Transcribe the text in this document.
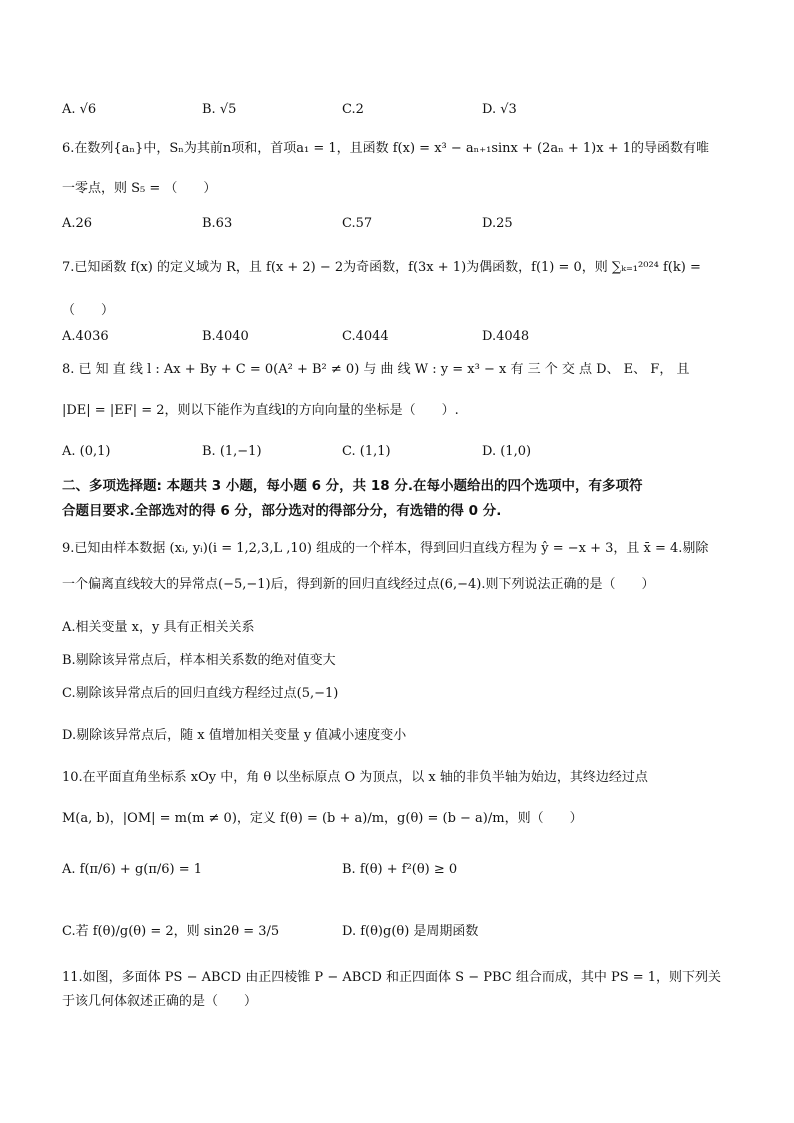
A. √6	B. √5	C.2	D. √3
6.在数列{aₙ}中，Sₙ为其前n项和，首项a₁ = 1，且函数 f(x) = x³ − aₙ₊₁sinx + (2aₙ + 1)x + 1的导函数有唯
一零点，则 S₅ = （　　）
A.26	B.63	C.57	D.25
7.已知函数 f(x) 的定义域为 R，且 f(x + 2) − 2为奇函数，f(3x + 1)为偶函数，f(1) = 0，则 ∑ₖ₌₁²⁰²⁴ f(k) =
（　　）
A.4036	B.4040	C.4044	D.4048
8. 已 知 直 线 l : Ax + By + C = 0(A² + B² ≠ 0) 与 曲 线 W : y = x³ − x 有 三 个 交 点 D、 E、 F， 且
|DE| = |EF| = 2，则以下能作为直线l的方向向量的坐标是（　　）.
A. (0,1)	B. (1,−1)	C. (1,1)	D. (1,0)
二、多项选择题: 本题共 3 小题，每小题 6 分，共 18 分.在每小题给出的四个选项中，有多项符
合题目要求.全部选对的得 6 分，部分选对的得部分分，有选错的得 0 分.
9.已知由样本数据 (xᵢ, yᵢ)(i = 1,2,3,L ,10) 组成的一个样本，得到回归直线方程为 ŷ = −x + 3，且 x̄ = 4.剔除
一个偏离直线较大的异常点(−5,−1)后，得到新的回归直线经过点(6,−4).则下列说法正确的是（　　）
A.相关变量 x，y 具有正相关关系
B.剔除该异常点后，样本相关系数的绝对值变大
C.剔除该异常点后的回归直线方程经过点(5,−1)
D.剔除该异常点后，随 x 值增加相关变量 y 值减小速度变小
10.在平面直角坐标系 xOy 中，角 θ 以坐标原点 O 为顶点，以 x 轴的非负半轴为始边，其终边经过点
M(a, b)，|OM| = m(m ≠ 0)，定义 f(θ) = (b + a)/m，g(θ) = (b − a)/m，则（　　）
A. f(π/6) + g(π/6) = 1	B. f(θ) + f²(θ) ≥ 0
C.若 f(θ)/g(θ) = 2，则 sin2θ = 3/5	D. f(θ)g(θ) 是周期函数
11.如图，多面体 PS − ABCD 由正四棱锥 P − ABCD 和正四面体 S − PBC 组合而成，其中 PS = 1，则下列关
于该几何体叙述正确的是（　　）
